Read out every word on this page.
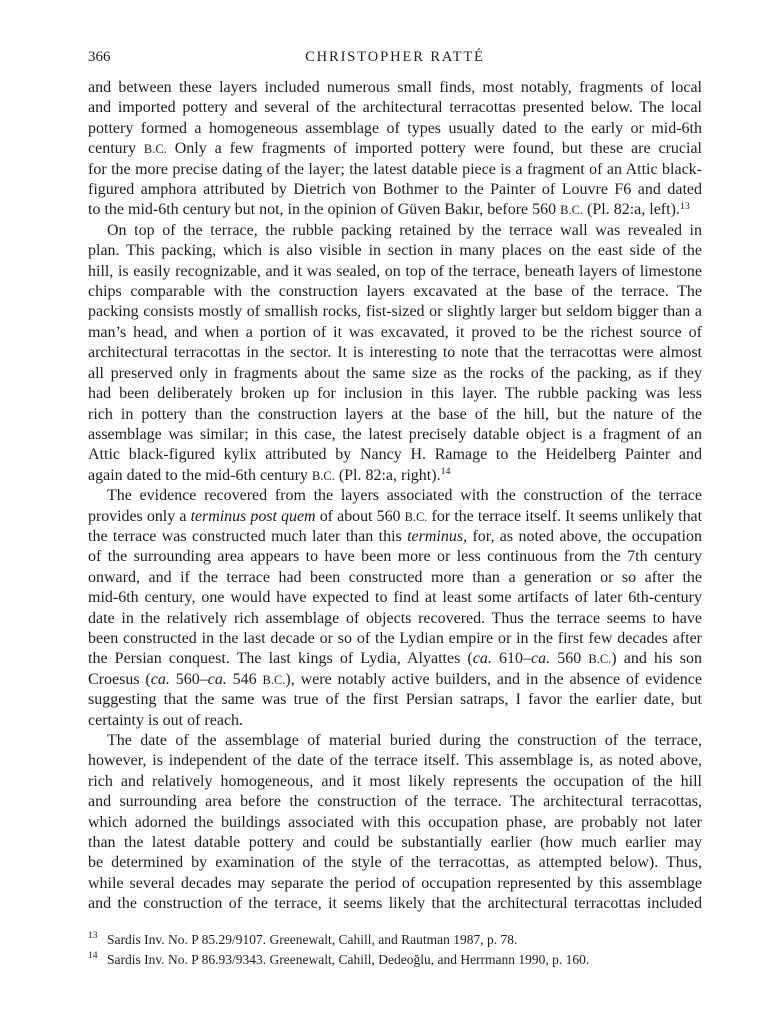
366	CHRISTOPHER RATTÉ
and between these layers included numerous small finds, most notably, fragments of local
and imported pottery and several of the architectural terracottas presented below. The local
pottery formed a homogeneous assemblage of types usually dated to the early or mid-6th
century B.C. Only a few fragments of imported pottery were found, but these are crucial
for the more precise dating of the layer; the latest datable piece is a fragment of an Attic black-
figured amphora attributed by Dietrich von Bothmer to the Painter of Louvre F6 and dated
to the mid-6th century but not, in the opinion of Güven Bakır, before 560 B.C. (Pl. 82:a, left).$^{13}$
On top of the terrace, the rubble packing retained by the terrace wall was revealed in
plan. This packing, which is also visible in section in many places on the east side of the
hill, is easily recognizable, and it was sealed, on top of the terrace, beneath layers of limestone
chips comparable with the construction layers excavated at the base of the terrace. The
packing consists mostly of smallish rocks, fist-sized or slightly larger but seldom bigger than a
man’s head, and when a portion of it was excavated, it proved to be the richest source of
architectural terracottas in the sector. It is interesting to note that the terracottas were almost
all preserved only in fragments about the same size as the rocks of the packing, as if they
had been deliberately broken up for inclusion in this layer. The rubble packing was less
rich in pottery than the construction layers at the base of the hill, but the nature of the
assemblage was similar; in this case, the latest precisely datable object is a fragment of an
Attic black-figured kylix attributed by Nancy H. Ramage to the Heidelberg Painter and
again dated to the mid-6th century B.C. (Pl. 82:a, right).$^{14}$
The evidence recovered from the layers associated with the construction of the terrace
provides only a terminus post quem of about 560 B.C. for the terrace itself. It seems unlikely that
the terrace was constructed much later than this terminus, for, as noted above, the occupation
of the surrounding area appears to have been more or less continuous from the 7th century
onward, and if the terrace had been constructed more than a generation or so after the
mid-6th century, one would have expected to find at least some artifacts of later 6th-century
date in the relatively rich assemblage of objects recovered. Thus the terrace seems to have
been constructed in the last decade or so of the Lydian empire or in the first few decades after
the Persian conquest. The last kings of Lydia, Alyattes (ca. 610–ca. 560 B.C.) and his son
Croesus (ca. 560–ca. 546 B.C.), were notably active builders, and in the absence of evidence
suggesting that the same was true of the first Persian satraps, I favor the earlier date, but
certainty is out of reach.
The date of the assemblage of material buried during the construction of the terrace,
however, is independent of the date of the terrace itself. This assemblage is, as noted above,
rich and relatively homogeneous, and it most likely represents the occupation of the hill
and surrounding area before the construction of the terrace. The architectural terracottas,
which adorned the buildings associated with this occupation phase, are probably not later
than the latest datable pottery and could be substantially earlier (how much earlier may
be determined by examination of the style of the terracottas, as attempted below). Thus,
while several decades may separate the period of occupation represented by this assemblage
and the construction of the terrace, it seems likely that the architectural terracottas included
13 Sardis Inv. No. P 85.29/9107. Greenewalt, Cahill, and Rautman 1987, p. 78.
14 Sardis Inv. No. P 86.93/9343. Greenewalt, Cahill, Dedeoğlu, and Herrmann 1990, p. 160.
